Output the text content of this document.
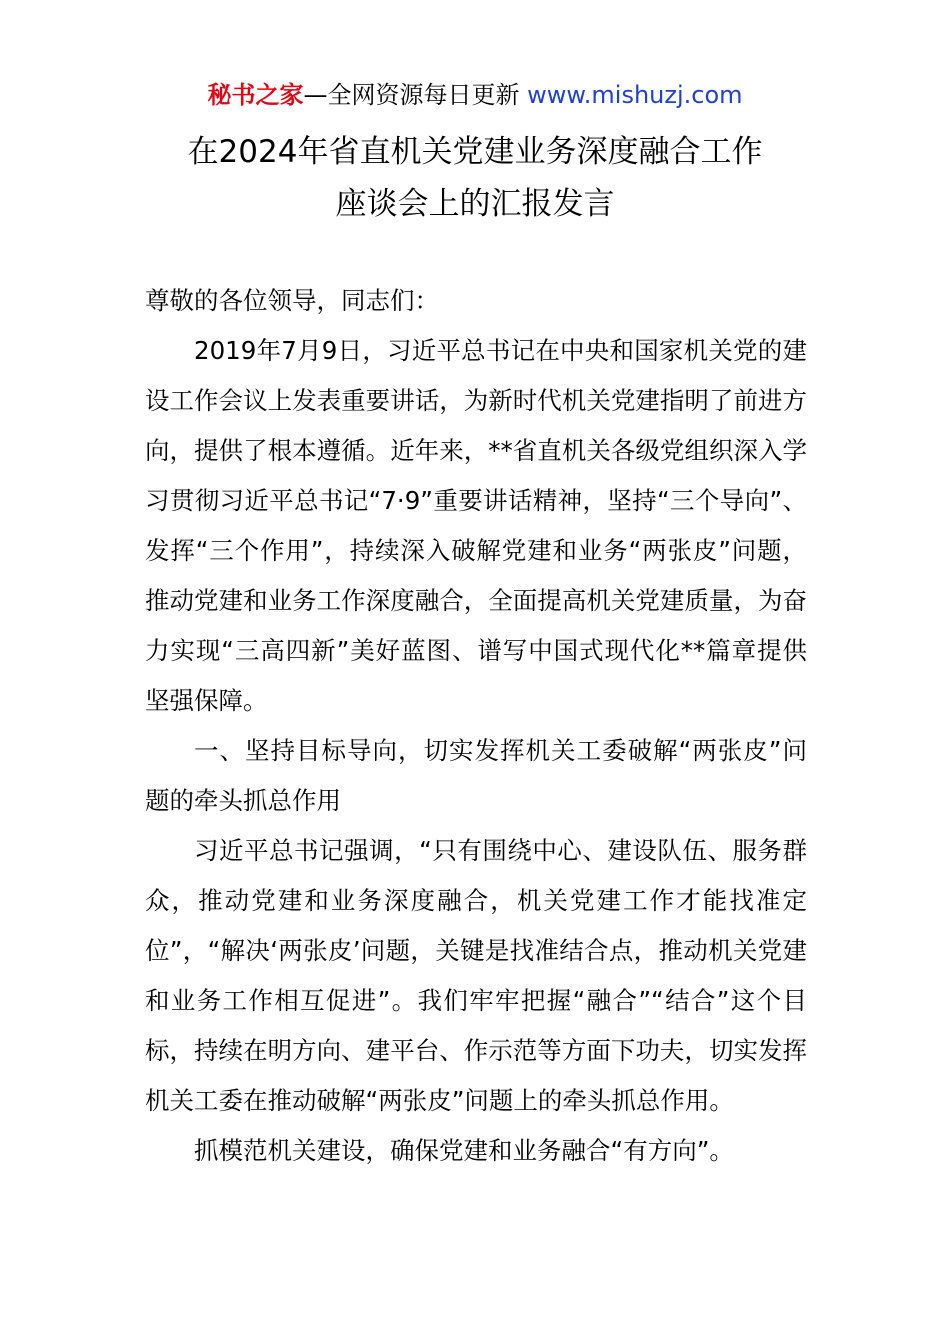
秘书之家—全网资源每日更新 www.mishuzj.com
在2024年省直机关党建业务深度融合工作
座谈会上的汇报发言

尊敬的各位领导，同志们：

2019年7月9日，习近平总书记在中央和国家机关党的建设工作会议上发表重要讲话，为新时代机关党建指明了前进方向，提供了根本遵循。近年来，**省直机关各级党组织深入学习贯彻习近平总书记“7·9”重要讲话精神，坚持“三个导向”、发挥“三个作用”，持续深入破解党建和业务“两张皮”问题，推动党建和业务工作深度融合，全面提高机关党建质量，为奋力实现“三高四新”美好蓝图、谱写中国式现代化**篇章提供坚强保障。

一、坚持目标导向，切实发挥机关工委破解“两张皮”问题的牵头抓总作用

习近平总书记强调，“只有围绕中心、建设队伍、服务群众，推动党建和业务深度融合，机关党建工作才能找准定位”，“解决‘两张皮’问题，关键是找准结合点，推动机关党建和业务工作相互促进”。我们牢牢把握“融合”“结合”这个目标，持续在明方向、建平台、作示范等方面下功夫，切实发挥机关工委在推动破解“两张皮”问题上的牵头抓总作用。

抓模范机关建设，确保党建和业务融合“有方向”。
